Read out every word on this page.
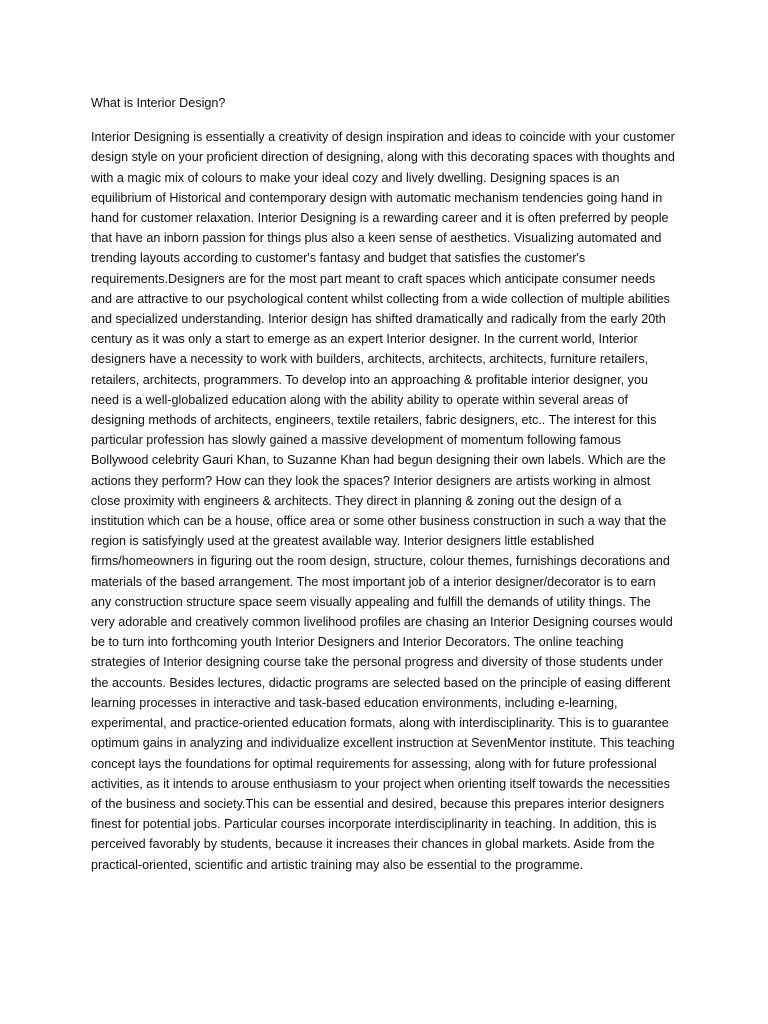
What is Interior Design?

Interior Designing is essentially a creativity of design inspiration and ideas to coincide with your customer design style on your proficient direction of designing, along with this decorating spaces with thoughts and with a magic mix of colours to make your ideal cozy and lively dwelling. Designing spaces is an equilibrium of Historical and contemporary design with automatic mechanism tendencies going hand in hand for customer relaxation. Interior Designing is a rewarding career and it is often preferred by people that have an inborn passion for things plus also a keen sense of aesthetics. Visualizing automated and trending layouts according to customer's fantasy and budget that satisfies the customer's requirements.Designers are for the most part meant to craft spaces which anticipate consumer needs and are attractive to our psychological content whilst collecting from a wide collection of multiple abilities and specialized understanding. Interior design has shifted dramatically and radically from the early 20th century as it was only a start to emerge as an expert Interior designer. In the current world, Interior designers have a necessity to work with builders, architects, architects, architects, furniture retailers, retailers, architects, programmers. To develop into an approaching & profitable interior designer, you need is a well-globalized education along with the ability ability to operate within several areas of designing methods of architects, engineers, textile retailers, fabric designers, etc.. The interest for this particular profession has slowly gained a massive development of momentum following famous Bollywood celebrity Gauri Khan, to Suzanne Khan had begun designing their own labels. Which are the actions they perform? How can they look the spaces? Interior designers are artists working in almost close proximity with engineers & architects. They direct in planning & zoning out the design of a institution which can be a house, office area or some other business construction in such a way that the region is satisfyingly used at the greatest available way. Interior designers little established firms/homeowners in figuring out the room design, structure, colour themes, furnishings decorations and materials of the based arrangement. The most important job of a interior designer/decorator is to earn any construction structure space seem visually appealing and fulfill the demands of utility things. The very adorable and creatively common livelihood profiles are chasing an Interior Designing courses would be to turn into forthcoming youth Interior Designers and Interior Decorators. The online teaching strategies of Interior designing course take the personal progress and diversity of those students under the accounts. Besides lectures, didactic programs are selected based on the principle of easing different learning processes in interactive and task-based education environments, including e-learning, experimental, and practice-oriented education formats, along with interdisciplinarity. This is to guarantee optimum gains in analyzing and individualize excellent instruction at SevenMentor institute. This teaching concept lays the foundations for optimal requirements for assessing, along with for future professional activities, as it intends to arouse enthusiasm to your project when orienting itself towards the necessities of the business and society.This can be essential and desired, because this prepares interior designers finest for potential jobs. Particular courses incorporate interdisciplinarity in teaching. In addition, this is perceived favorably by students, because it increases their chances in global markets. Aside from the practical-oriented, scientific and artistic training may also be essential to the programme.
